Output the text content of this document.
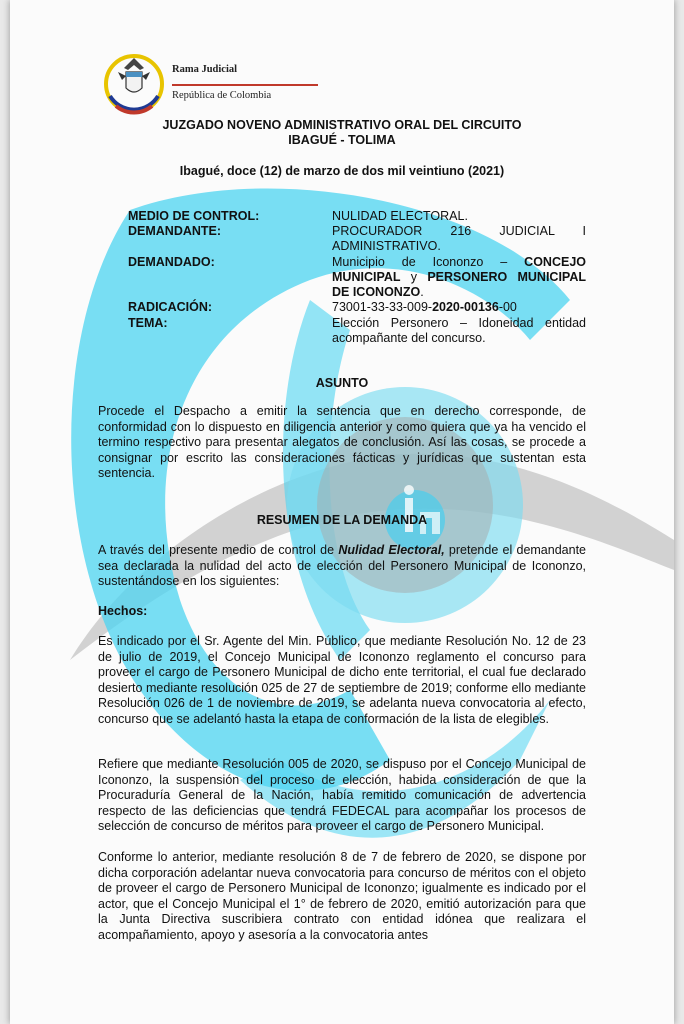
Rama Judicial
República de Colombia
JUZGADO NOVENO ADMINISTRATIVO ORAL DEL CIRCUITO
IBAGUÉ - TOLIMA
Ibagué, doce (12) de marzo de dos mil veintiuno (2021)
MEDIO DE CONTROL:	NULIDAD ELECTORAL.
DEMANDANTE:	PROCURADOR 216 JUDICIAL I ADMINISTRATIVO.
DEMANDADO:	Municipio de Icononzo – CONCEJO MUNICIPAL y PERSONERO MUNICIPAL DE ICONONZO.
RADICACIÓN:	73001-33-33-009-2020-00136-00
TEMA:	Elección Personero – Idoneidad entidad acompañante del concurso.
ASUNTO

Procede el Despacho a emitir la sentencia que en derecho corresponde, de conformidad con lo dispuesto en diligencia anterior y como quiera que ya ha vencido el termino respectivo para presentar alegatos de conclusión. Así las cosas, se procede a consignar por escrito las consideraciones fácticas y jurídicas que sustentan esta sentencia.

RESUMEN DE LA DEMANDA

A través del presente medio de control de Nulidad Electoral, pretende el demandante sea declarada la nulidad del acto de elección del Personero Municipal de Icononzo, sustentándose en los siguientes:

Hechos:

Es indicado por el Sr. Agente del Min. Público, que mediante Resolución No. 12 de 23 de julio de 2019, el Concejo Municipal de Icononzo reglamento el concurso para proveer el cargo de Personero Municipal de dicho ente territorial, el cual fue declarado desierto mediante resolución 025 de 27 de septiembre de 2019; conforme ello mediante Resolución 026 de 1 de noviembre de 2019, se adelanta nueva convocatoria al efecto, concurso que se adelantó hasta la etapa de conformación de la lista de elegibles.

Refiere que mediante Resolución 005 de 2020, se dispuso por el Concejo Municipal de Icononzo, la suspensión del proceso de elección, habida consideración de que la Procuraduría General de la Nación, había remitido comunicación de advertencia respecto de las deficiencias que tendrá FEDECAL para acompañar los procesos de selección de concurso de méritos para proveer el cargo de Personero Municipal.

Conforme lo anterior, mediante resolución 8 de 7 de febrero de 2020, se dispone por dicha corporación adelantar nueva convocatoria para concurso de méritos con el objeto de proveer el cargo de Personero Municipal de Icononzo; igualmente es indicado por el actor, que el Concejo Municipal el 1° de febrero de 2020, emitió autorización para que la Junta Directiva suscribiera contrato con entidad idónea que realizara el acompañamiento, apoyo y asesoría a la convocatoria antes
